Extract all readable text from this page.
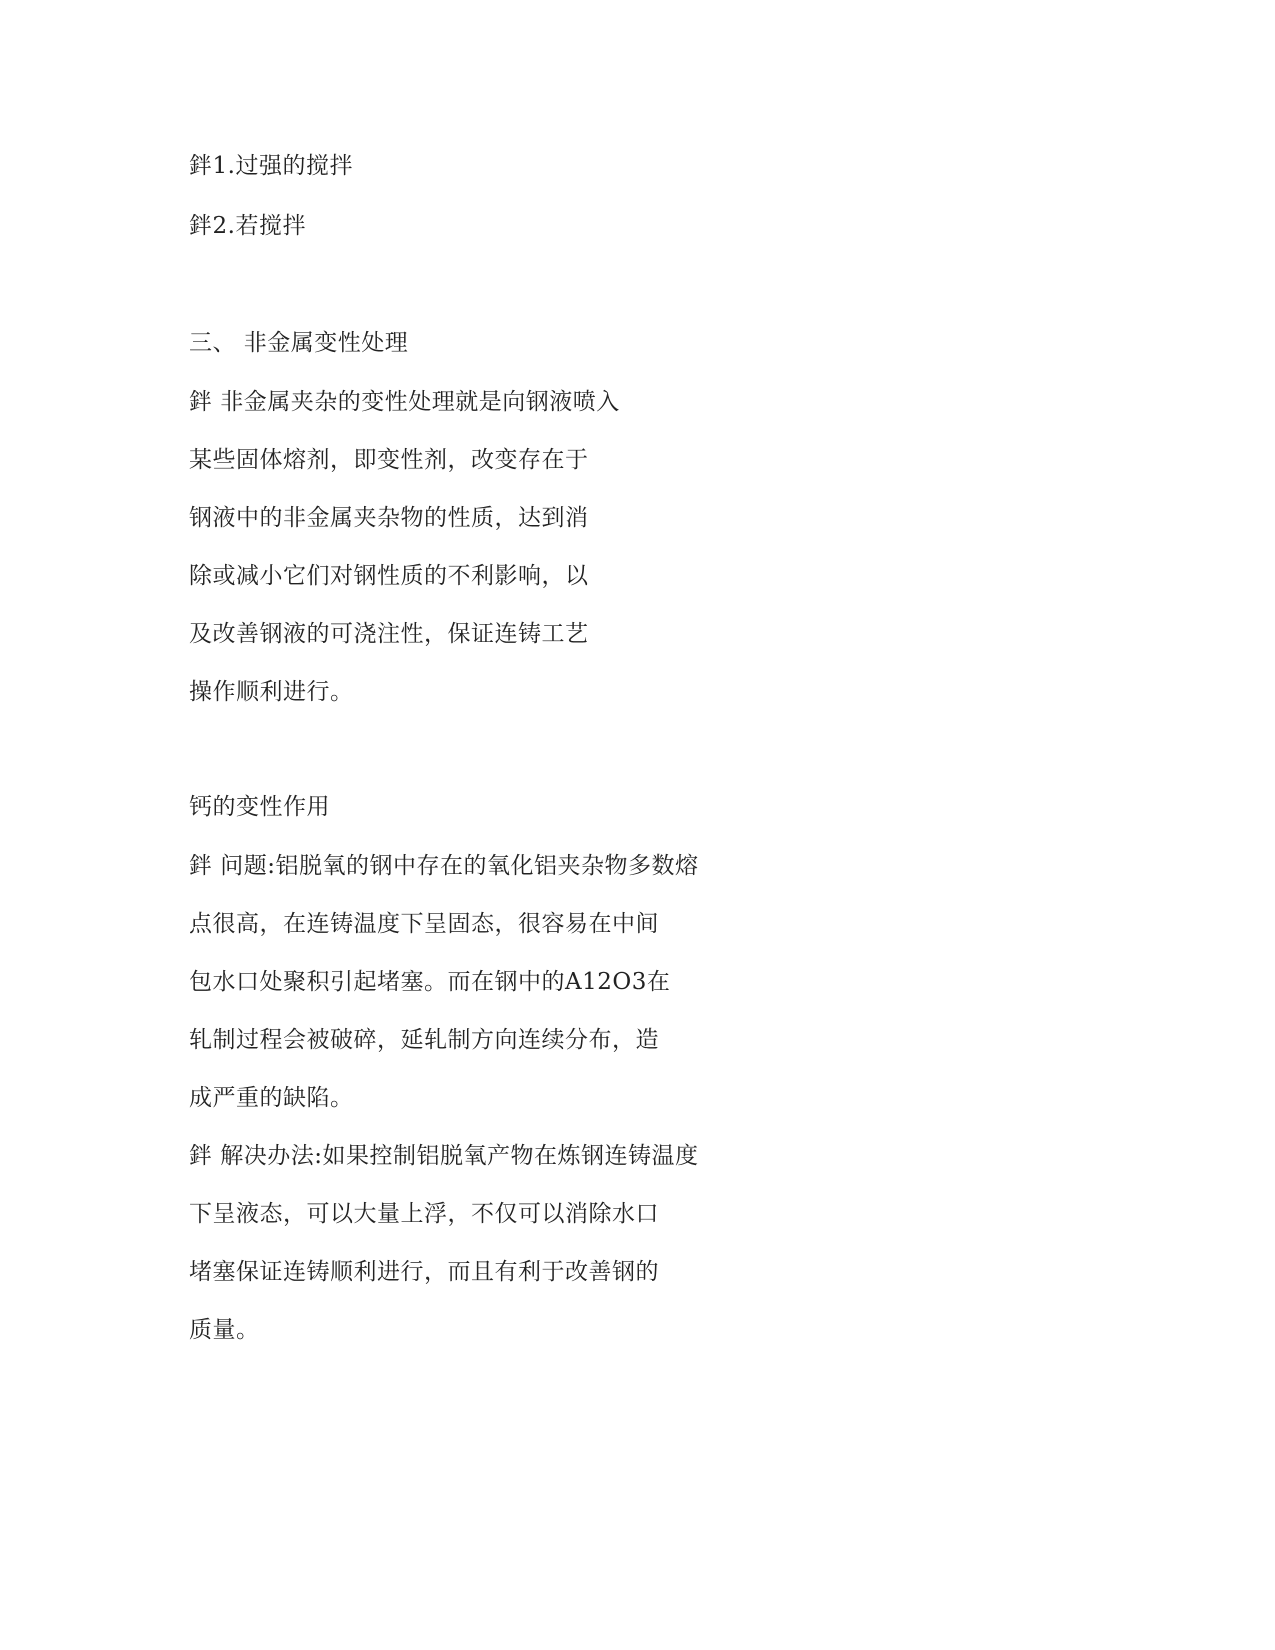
鉡1.过强的搅拌
鉡2.若搅拌
三、 非金属变性处理
鉡 非金属夹杂的变性处理就是向钢液喷入
某些固体熔剂，即变性剂，改变存在于
钢液中的非金属夹杂物的性质，达到消
除或减小它们对钢性质的不利影响，以
及改善钢液的可浇注性，保证连铸工艺
操作顺利进行。
钙的变性作用
鉡 问题:铝脱氧的钢中存在的氧化铝夹杂物多数熔
点很高，在连铸温度下呈固态，很容易在中间
包水口处聚积引起堵塞。而在钢中的A12O3在
轧制过程会被破碎，延轧制方向连续分布，造
成严重的缺陷。
鉡 解决办法:如果控制铝脱氧产物在炼钢连铸温度
下呈液态，可以大量上浮，不仅可以消除水口
堵塞保证连铸顺利进行，而且有利于改善钢的
质量。
